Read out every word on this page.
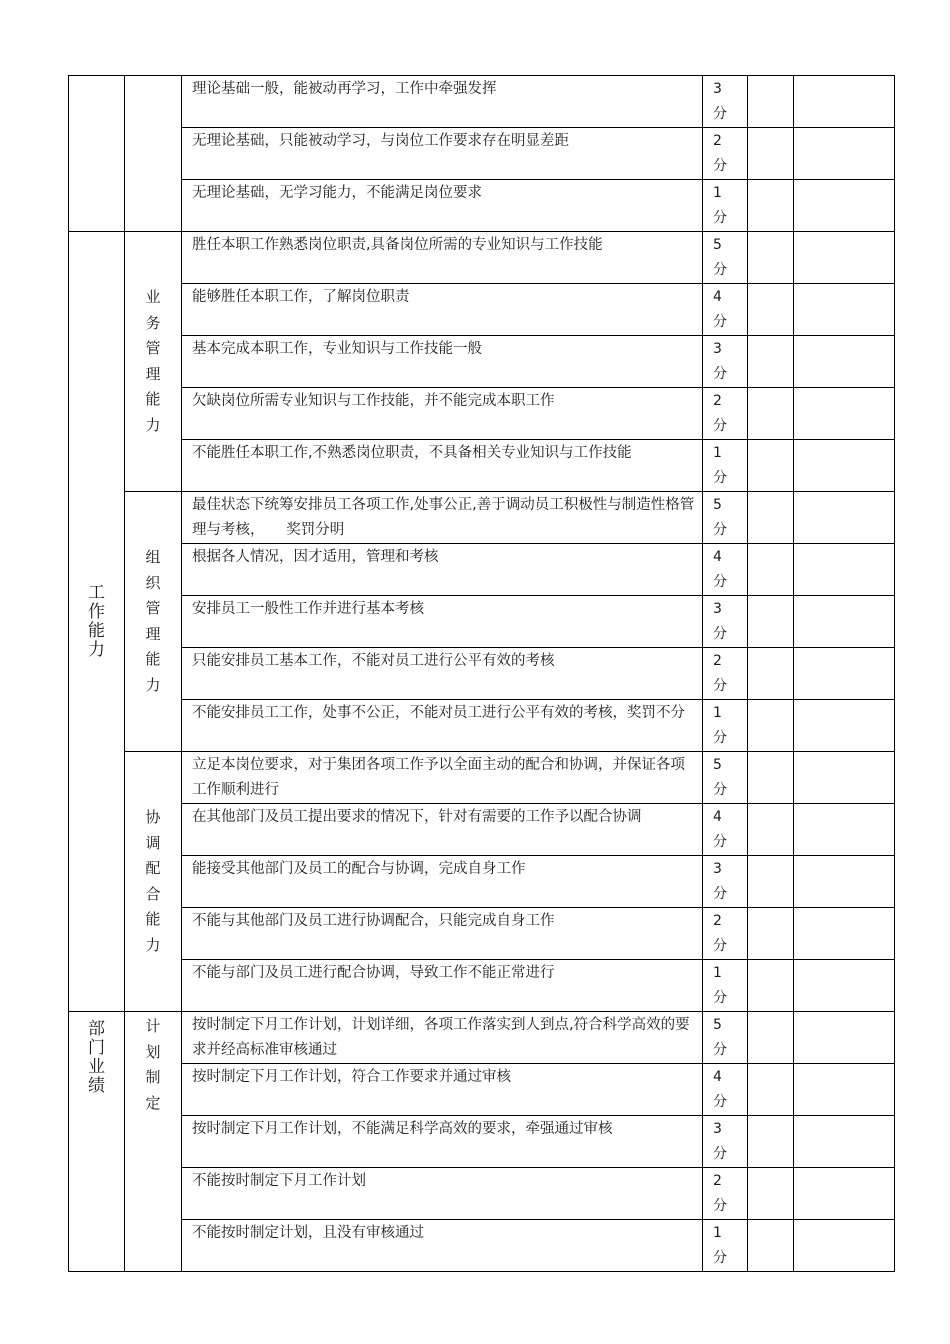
		理论基础一般，能被动再学习，工作中牵强发挥	3
分		

		无理论基础，只能被动学习，与岗位工作要求存在明显差距	2
分		

		无理论基础，无学习能力，不能满足岗位要求	1
分		

工作能力	业务管理能力	胜任本职工作熟悉岗位职责,具备岗位所需的专业知识与工作技能	5
分		

		能够胜任本职工作，了解岗位职责	4
分		

		基本完成本职工作，专业知识与工作技能一般	3
分		

		欠缺岗位所需专业知识与工作技能，并不能完成本职工作	2
分		

		不能胜任本职工作,不熟悉岗位职责，不具备相关专业知识与工作技能	1
分		

	组织管理能力	最佳状态下统筹安排员工各项工作,处事公正,善于调动员工积极性与制造性格管理与考核，　　奖罚分明	5
分		

		根据各人情况，因才适用，管理和考核	4
分		

		安排员工一般性工作并进行基本考核	3
分		

		只能安排员工基本工作，不能对员工进行公平有效的考核	2
分		

		不能安排员工工作，处事不公正，不能对员工进行公平有效的考核，奖罚不分	1
分		

	协调配合能力	立足本岗位要求，对于集团各项工作予以全面主动的配合和协调，并保证各项工作顺利进行	5
分		

		在其他部门及员工提出要求的情况下，针对有需要的工作予以配合协调	4
分		

		能接受其他部门及员工的配合与协调，完成自身工作	3
分		

		不能与其他部门及员工进行协调配合，只能完成自身工作	2
分		

		不能与部门及员工进行配合协调，导致工作不能正常进行	1
分		

部门业绩	计划制定	按时制定下月工作计划，计划详细，各项工作落实到人到点,符合科学高效的要求并经高标准审核通过	5
分		

		按时制定下月工作计划，符合工作要求并通过审核	4
分		

		按时制定下月工作计划，不能满足科学高效的要求，牵强通过审核	3
分		

		不能按时制定下月工作计划	2
分		

		不能按时制定计划，且没有审核通过	1
分		
